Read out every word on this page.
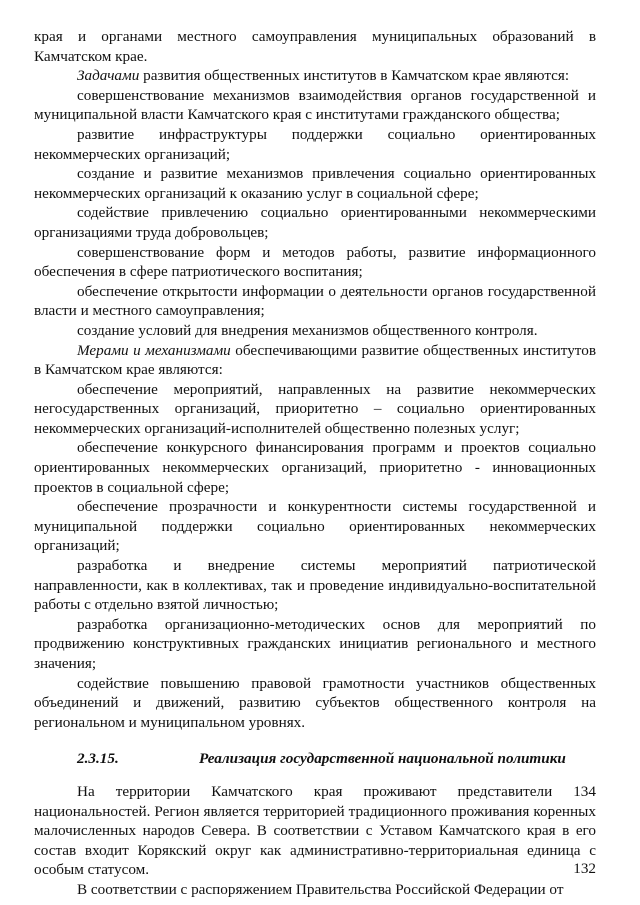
края и органами местного самоуправления муниципальных образований в Камчатском крае.

Задачами развития общественных институтов в Камчатском крае являются:

совершенствование механизмов взаимодействия органов государственной и муниципальной власти Камчатского края с институтами гражданского общества;

развитие инфраструктуры поддержки социально ориентированных некоммерческих организаций;

создание и развитие механизмов привлечения социально ориентированных некоммерческих организаций к оказанию услуг в социальной сфере;

содействие привлечению социально ориентированными некоммерческими организациями труда добровольцев;

совершенствование форм и методов работы, развитие информационного обеспечения в сфере патриотического воспитания;

обеспечение открытости информации о деятельности органов государственной власти и местного самоуправления;

создание условий для внедрения механизмов общественного контроля.

Мерами и механизмами обеспечивающими развитие общественных институтов в Камчатском крае являются:

обеспечение мероприятий, направленных на развитие некоммерческих негосударственных организаций, приоритетно – социально ориентированных некоммерческих организаций-исполнителей общественно полезных услуг;

обеспечение конкурсного финансирования программ и проектов социально ориентированных некоммерческих организаций, приоритетно - инновационных проектов в социальной сфере;

обеспечение прозрачности и конкурентности системы государственной и муниципальной поддержки социально ориентированных некоммерческих организаций;

разработка и внедрение системы мероприятий патриотической направленности, как в коллективах, так и проведение индивидуально-воспитательной работы с отдельно взятой личностью;

разработка организационно-методических основ для мероприятий по продвижению конструктивных гражданских инициатив регионального и местного значения;

содействие повышению правовой грамотности участников общественных объединений и движений, развитию субъектов общественного контроля на региональном и муниципальном уровнях.

2.3.15.	Реализация государственной национальной политики

На территории Камчатского края проживают представители 134 национальностей. Регион является территорией традиционного проживания коренных малочисленных народов Севера. В соответствии с Уставом Камчатского края в его состав входит Корякский округ как административно-территориальная единица с особым статусом.

В соответствии с распоряжением Правительства Российской Федерации от

132
